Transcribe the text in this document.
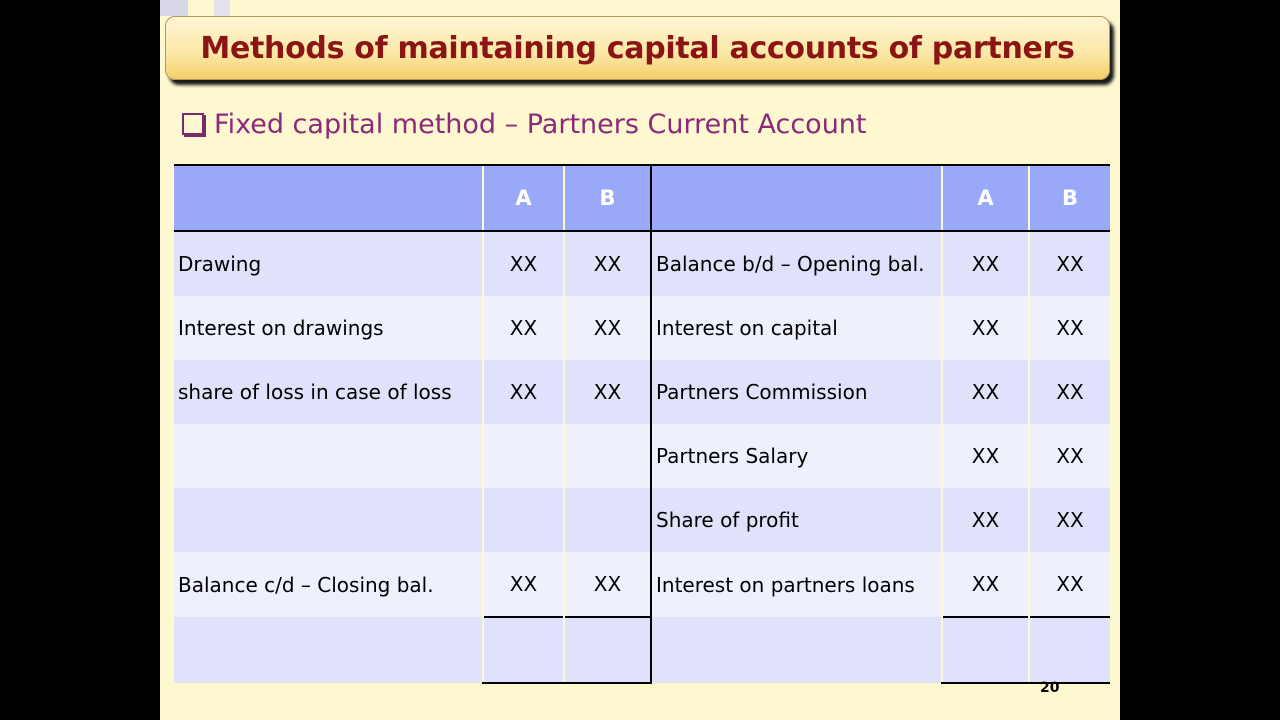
Methods of maintaining capital accounts of partners
Fixed capital method – Partners Current Account
	A	B		A	B
Drawing	XX	XX	Balance b/d – Opening bal.	XX	XX
Interest on drawings	XX	XX	Interest on capital	XX	XX
share of loss in case of loss	XX	XX	Partners Commission	XX	XX
			Partners Salary	XX	XX
			Share of profit	XX	XX
Balance c/d – Closing bal.	XX	XX	Interest on partners loans	XX	XX

20
